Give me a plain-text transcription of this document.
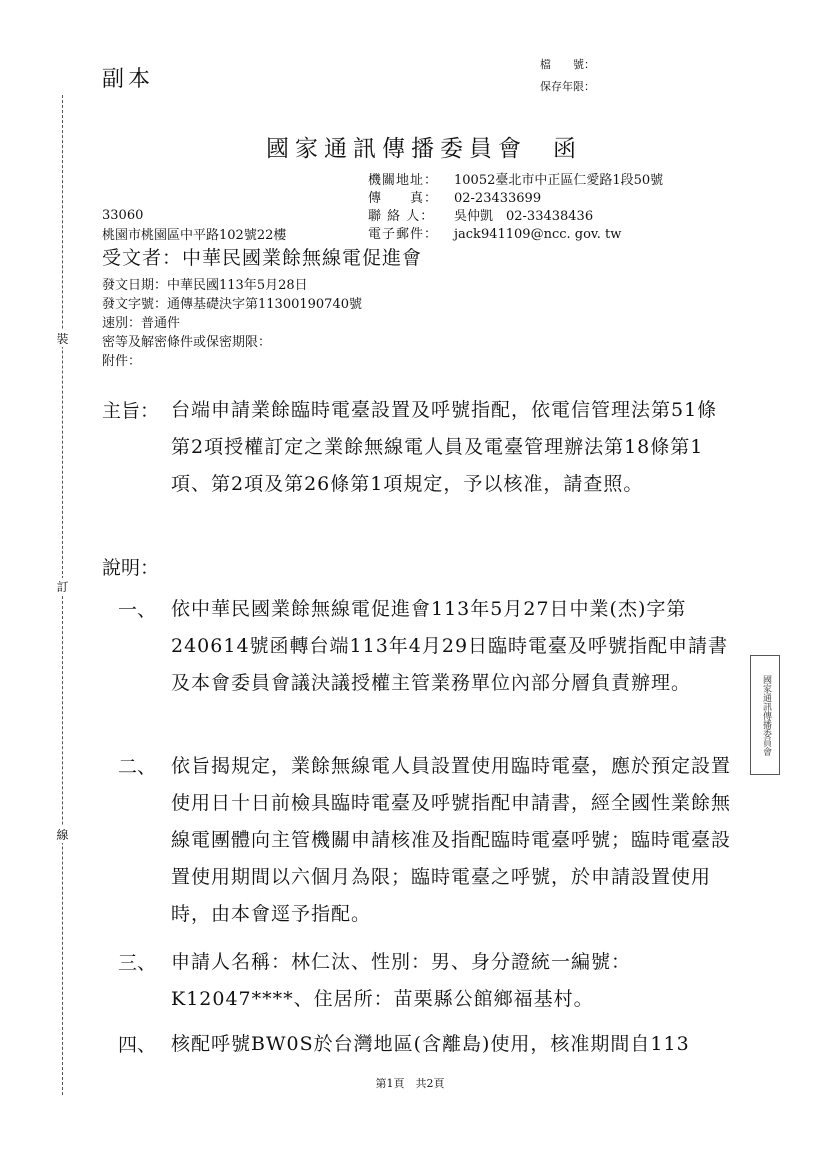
裝
訂
線
副本
檔　　號：
保存年限：
國家通訊傳播委員會 函
機關地址： 10052臺北市中正區仁愛路1段50號
傳　　真： 02-23433699
聯 絡 人： 吳仲凱　02-33438436
電子郵件： jack941109@ncc. gov. tw
33060
桃園市桃園區中平路102號22樓
受文者：中華民國業餘無線電促進會
發文日期：中華民國113年5月28日
發文字號：通傳基礎決字第11300190740號
速別：普通件
密等及解密條件或保密期限：
附件：
主旨： 台端申請業餘臨時電臺設置及呼號指配，依電信管理法第51條第2項授權訂定之業餘無線電人員及電臺管理辦法第18條第1項、第2項及第26條第1項規定，予以核准，請查照。
說明：
一、 依中華民國業餘無線電促進會113年5月27日中業(杰)字第240614號函轉台端113年4月29日臨時電臺及呼號指配申請書及本會委員會議決議授權主管業務單位內部分層負責辦理。
二、 依旨揭規定，業餘無線電人員設置使用臨時電臺，應於預定設置使用日十日前檢具臨時電臺及呼號指配申請書，經全國性業餘無線電團體向主管機關申請核准及指配臨時電臺呼號；臨時電臺設置使用期間以六個月為限；臨時電臺之呼號，於申請設置使用時，由本會逕予指配。
三、 申請人名稱：林仁汰、性別：男、身分證統一編號：K12047****、住居所：苗栗縣公館鄉福基村。
四、 核配呼號BW0S於台灣地區(含離島)使用，核准期間自113
國家通訊傳播委員會
第1頁　共2頁
